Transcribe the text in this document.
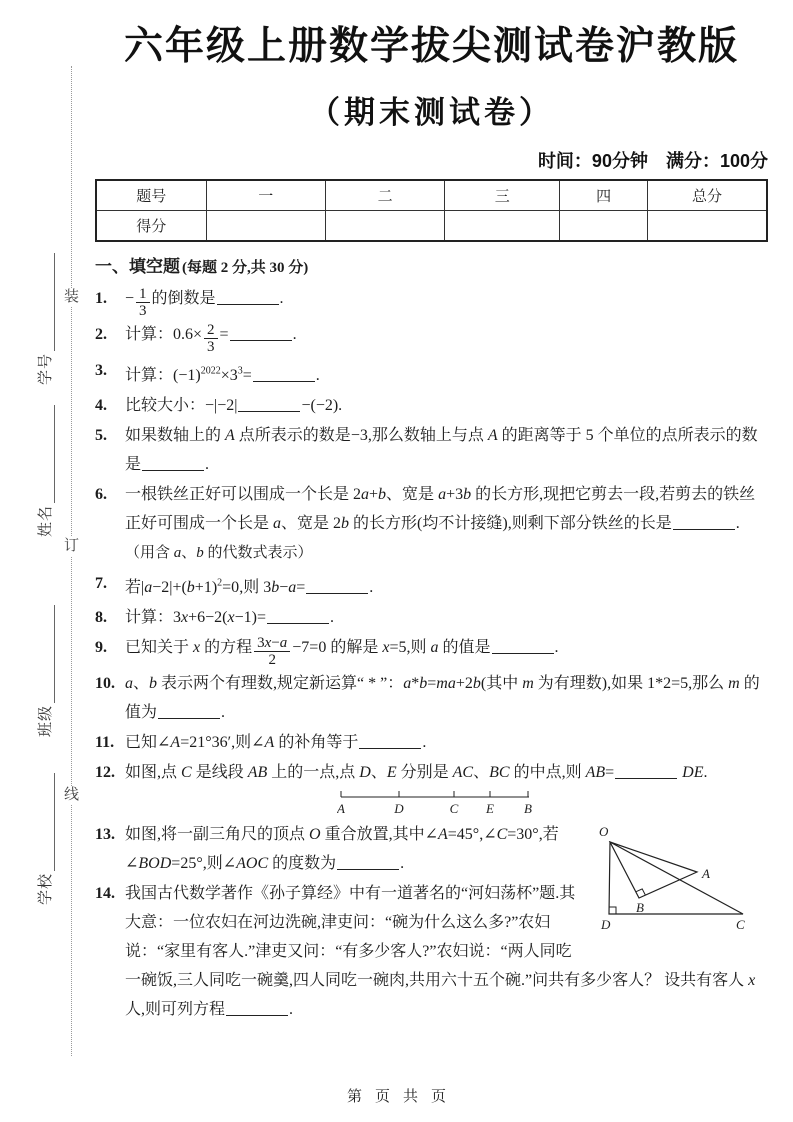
装
订
线
学号
姓名
班级
学校
六年级上册数学拔尖测试卷沪教版
（期末测试卷）
时间：90分钟　满分：100分
题号	一	二	三	四	总分
得分					
一、填空题 (每题 2 分,共 30 分)
1.	− $\frac{1}{3}$ 的倒数是	.
2.	计算：$0.6\times \frac{2}{3}$ =	.
3.	计算：$(-1)^{2022}\times 3^3=$	.
4.	比较大小：−|−2|	−(−2).
5.	如果数轴上的 A 点所表示的数是−3,那么数轴上与点 A 的距离等于 5 个单位的点所表示的数是	.
6.	一根铁丝正好可以围成一个长是 2a+b、宽是 a+3b 的长方形,现把它剪去一段,若剪去的铁丝正好可围成一个长是 a、宽是 2b 的长方形(均不计接缝),则剩下部分铁丝的长是	.（用含 a、b 的代数式表示）
7.	若$|a-2|+(b+1)^2=0$,则 3b−a=	.
8.	计算：3x+6−2(x−1)=	.
9.	已知关于 x 的方程 $\frac{3x-a}{2} -7=0$ 的解是 x=5,则 a 的值是	.
10. a、b 表示两个有理数,规定新运算“ * ”：a*b=ma+2b(其中 m 为有理数),如果 1*2=5,那么 m 的值为	.
11. 已知∠A=21°36′,则∠A 的补角等于	.
12. 如图,点 C 是线段 AB 上的一点,点 D、E 分别是 AC、BC 的中点,则 AB=	DE.
A	D	C E B
O
A
B
D	C
13. 如图,将一副三角尺的顶点 O 重合放置,其中∠A=45°,∠C=30°,若∠BOD=25°,则∠AOC 的度数为	.
14. 我国古代数学著作《孙子算经》中有一道著名的“河妇荡杯”题.其大意：一位农妇在河边洗碗,津吏问：“碗为什么这么多?”农妇说：“家里有客人.”津吏又问：“有多少客人?”农妇说：“两人同吃一碗饭,三人同吃一碗羹,四人同吃一碗肉,共用六十五个碗.”问共有多少客人？ 设共有客人 x 人,则可列方程	.
第页共页
